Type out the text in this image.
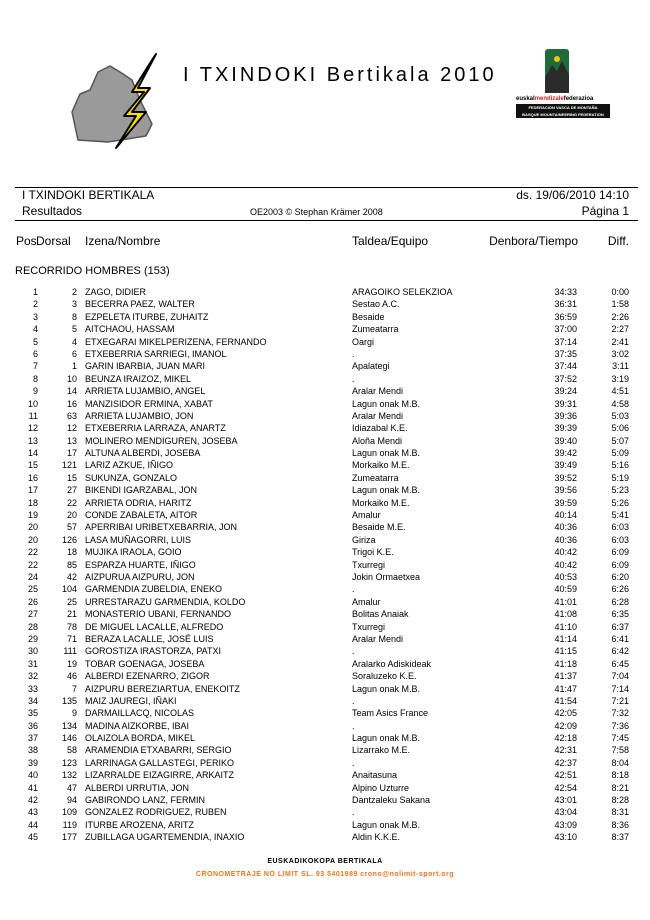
I TXINDOKI Bertikala 2010
euskalmendizalefederazioa
FEDERACION VASCA DE MONTAÑA
BASQUE MOUNTAINEERING FEDERATION
I TXINDOKI BERTIKALA	ds. 19/06/2010 14:10
Resultados	OE2003 © Stephan Krämer 2008	Página 1
Pos Dorsal	Izena/Nombre	Taldea/Equipo	Denbora/Tiempo Diff.
RECORRIDO HOMBRES (153)
1	2 ZAGO, DIDIER	ARAGOIKO SELEKZIOA	34:33	0:00
2	3 BECERRA PAEZ, WALTER	Sestao A.C.	36:31	1:58
3	8 EZPELETA ITURBE, ZUHAITZ	Besaide	36:59	2:26
4	5 AITCHAOU, HASSAM	Zumeatarra	37:00	2:27
5	4 ETXEGARAI MIKELPERIZENA, FERNANDO	Oargi	37:14	2:41
6	6 ETXEBERRIA SARRIEGI, IMANOL	.	37:35	3:02
7	1 GARIN IBARBIA, JUAN MARI	Apalategi	37:44	3:11
8	10 BEUNZA IRAIZOZ, MIKEL	.	37:52	3:19
9	14 ARRIETA LUJAMBIO, ANGEL	Aralar Mendi	39:24	4:51
10	16 MANZISIDOR ERMINA, XABAT	Lagun onak M.B.	39:31	4:58
11	63 ARRIETA LUJAMBIO, JON	Aralar Mendi	39:36	5:03
12	12 ETXEBERRIA LARRAZA, ANARTZ	Idiazabal K.E.	39:39	5:06
13	13 MOLINERO MENDIGUREN, JOSEBA	Aloña Mendi	39:40	5:07
14	17 ALTUNA ALBERDI, JOSEBA	Lagun onak M.B.	39:42	5:09
15	121 LARIZ AZKUE, IÑIGO	Morkaiko M.E.	39:49	5:16
16	15 SUKUNZA, GONZALO	Zumeatarra	39:52	5:19
17	27 BIKENDI IGARZABAL, JON	Lagun onak M.B.	39:56	5:23
18	22 ARRIETA ODRIA, HARITZ	Morkaiko M.E.	39:59	5:26
19	20 CONDE ZABALETA, AITOR	Amalur	40:14	5:41
20	57 APERRIBAI URIBETXEBARRIA, JON	Besaide M.E.	40:36	6:03
20	126 LASA MUÑAGORRI, LUIS	Giriza	40:36	6:03
22	18 MUJIKA IRAOLA, GOIO	Trigoi K.E.	40:42	6:09
22	85 ESPARZA HUARTE, IÑIGO	Txurregi	40:42	6:09
24	42 AIZPURUA AIZPURU, JON	Jokin Ormaetxea	40:53	6:20
25	104 GARMENDIA ZUBELDIA, ENEKO	.	40:59	6:26
26	25 URRESTARAZU GARMENDIA, KOLDO	Amalur	41:01	6:28
27	21 MONASTERIO UBANI, FERNANDO	Bolitas Anaiak	41:08	6:35
28	78 DE MIGUEL LACALLE, ALFREDO	Txurregi	41:10	6:37
29	71 BERAZA LACALLE, JOSÉ LUIS	Aralar Mendi	41:14	6:41
30	111 GOROSTIZA IRASTORZA, PATXI	.	41:15	6:42
31	19 TOBAR GOENAGA, JOSEBA	Aralarko Adiskideak	41:18	6:45
32	46 ALBERDI EZENARRO, ZIGOR	Soraluzeko K.E.	41:37	7:04
33	7 AIZPURU BEREZIARTUA, ENEKOITZ	Lagun onak M.B.	41:47	7:14
34	135 MAIZ JAUREGI, IÑAKI	.	41:54	7:21
35	9 DARMAILLACQ, NICOLAS	Team Asics France	42:05	7:32
36	134 MADINA AIZKORBE, IBAI	.	42:09	7:36
37	146 OLAIZOLA BORDA, MIKEL	Lagun onak M.B.	42:18	7:45
38	58 ARAMENDIA ETXABARRI, SERGIO	Lizarrako M.E.	42:31	7:58
39	123 LARRINAGA GALLASTEGI, PERIKO	.	42:37	8:04
40	132 LIZARRALDE EIZAGIRRE, ARKAITZ	Anaitasuna	42:51	8:18
41	47 ALBERDI URRUTIA, JON	Alpino Uzturre	42:54	8:21
42	94 GABIRONDO LANZ, FERMIN	Dantzaleku Sakana	43:01	8:28
43	109 GONZALEZ RODRIGUEZ, RUBEN	.	43:04	8:31
44	119 ITURBE AROZENA, ARITZ	Lagun onak M.B.	43:09	8:36
45	177 ZUBILLAGA UGARTEMENDIA, INAXIO	Aldin K.K.E.	43:10	8:37
EUSKADIKOKOPA BERTIKALA
CRONOMETRAJE NO LIMIT SL. 93 5401989 crono@nolimit-sport.org
